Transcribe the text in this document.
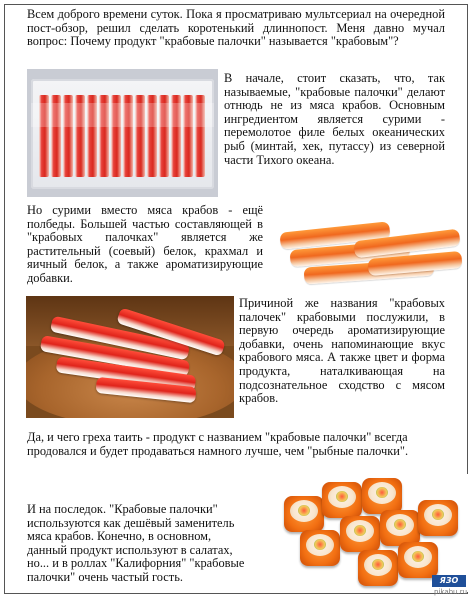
Всем доброго времени суток. Пока я просматриваю мультсериал на очередной пост-обзор, решил сделать коротенький длиннопост. Меня давно мучал вопрос: Почему продукт "крабовые палочки" называется "крабовым"?

В начале, стоит сказать, что, так называемые, "крабовые палочки" делают отнюдь не из мяса крабов. Основным ингредиентом является сурими - перемолотое филе белых океанических рыб (минтай, хек, путассу) из северной части Тихого океана.

Но сурими вместо мяса крабов - ещё полбеды. Большей частью составляющей в "крабовых палочках" является же растительный (соевый) белок, крахмал и яичный белок, а также ароматизирующие добавки.

Причиной же названия "крабовых палочек" крабовыми послужили, в первую очередь ароматизирующие добавки, очень напоминающие вкус крабового мяса. А также цвет и форма продукта, наталкивающая на подсознательное сходство с мясом крабов.

Да, и чего греха таить - продукт с названием "крабовые палочки" всегда продовался и будет продаваться намного лучше, чем "рыбные палочки".

И на последок. "Крабовые палочки" используются как дешёвый заменитель мяса крабов. Конечно, в основном, данный продукт используют в салатах, но... и в роллах "Калифорния" "крабовые палочки" очень частый гость.	ЯЗО
pikabu.ru
